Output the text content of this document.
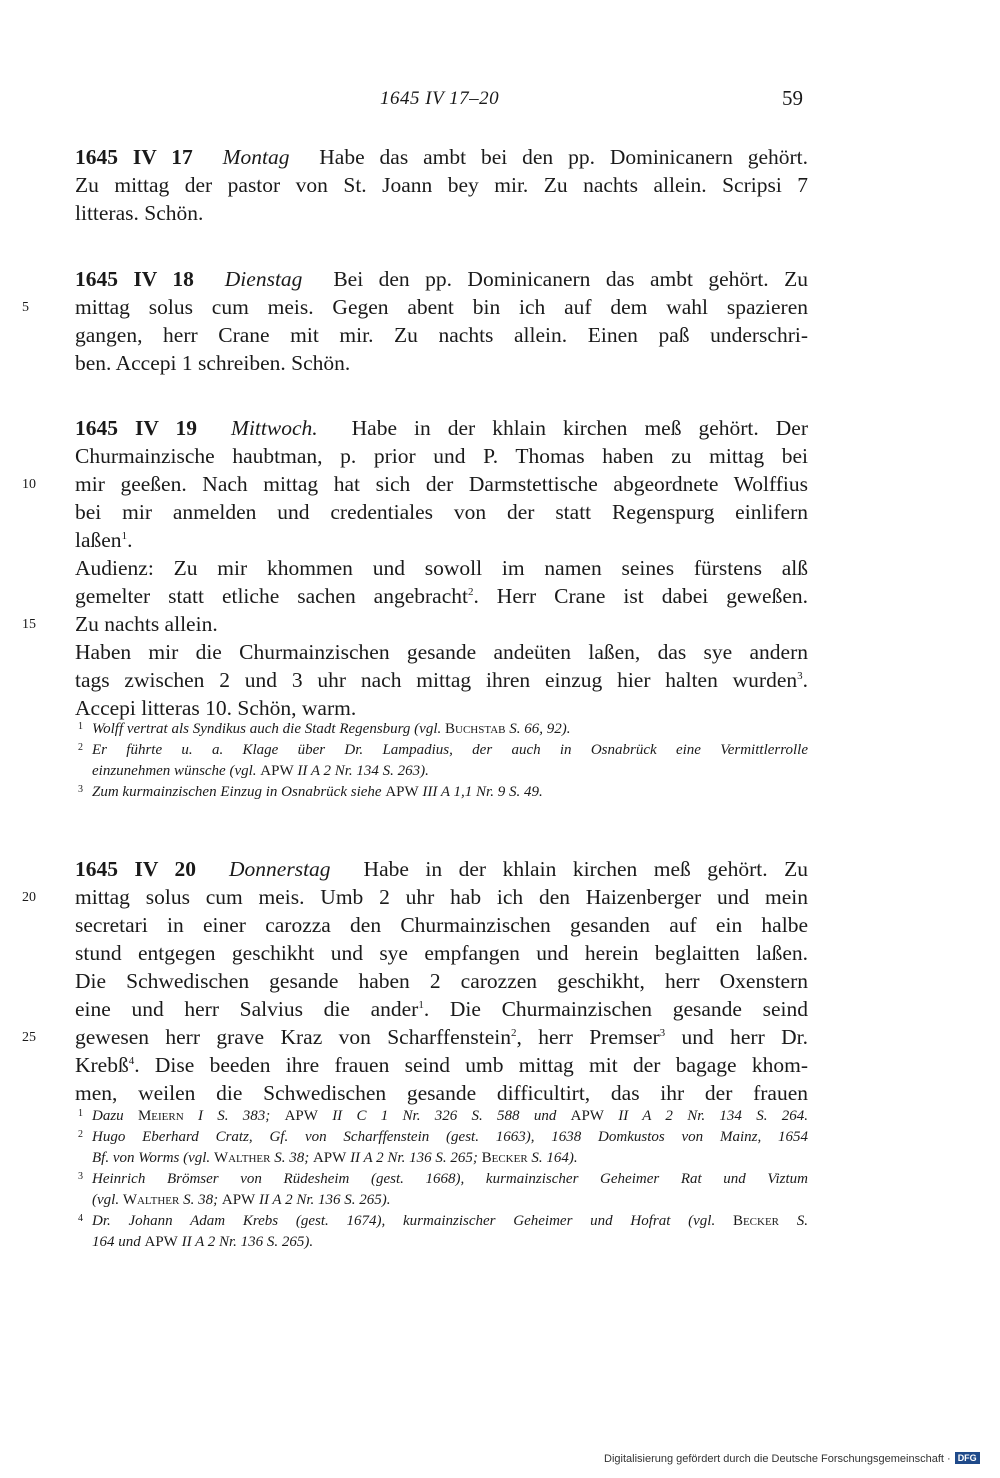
1645 IV 17–20	59
1645 IV 17 Montag Habe das ambt bei den pp. Dominicanern gehört.
Zu mittag der pastor von St. Joann bey mir. Zu nachts allein. Scripsi 7
litteras. Schön.
1645 IV 18 Dienstag Bei den pp. Dominicanern das ambt gehört. Zu
5	mittag solus cum meis. Gegen abent bin ich auf dem wahl spazieren
gangen, herr Crane mit mir. Zu nachts allein. Einen paß underschri-
ben. Accepi 1 schreiben. Schön.
1645 IV 19 Mittwoch. Habe in der khlain kirchen meß gehört. Der
Churmainzische haubtman, p. prior und P. Thomas haben zu mittag bei
10	mir geeßen. Nach mittag hat sich der Darmstettische abgeordnete Wolffius
bei mir anmelden und credentiales von der statt Regenspurg einlifern
laßen$^1$.
Audienz: Zu mir khommen und sowoll im namen seines fürstens alß
gemelter statt etliche sachen angebracht$^2$. Herr Crane ist dabei geweßen.
15	Zu nachts allein.
Haben mir die Churmainzischen gesande andeüten laßen, das sye andern
tags zwischen 2 und 3 uhr nach mittag ihren einzug hier halten wurden$^3$.
Accepi litteras 10. Schön, warm.
1 Wolff vertrat als Syndikus auch die Stadt Regensburg (vgl. Buchstab S. 66, 92).
2 Er führte u. a. Klage über Dr. Lampadius, der auch in Osnabrück eine Vermittlerrolle
einzunehmen wünsche (vgl. APW II A 2 Nr. 134 S. 263).
3 Zum kurmainzischen Einzug in Osnabrück siehe APW III A 1,1 Nr. 9 S. 49.
1645 IV 20 Donnerstag Habe in der khlain kirchen meß gehört. Zu
20	mittag solus cum meis. Umb 2 uhr hab ich den Haizenberger und mein
secretari in einer carozza den Churmainzischen gesanden auf ein halbe
stund entgegen geschikht und sye empfangen und herein beglaitten laßen.
Die Schwedischen gesande haben 2 carozzen geschikht, herr Oxenstern
eine und herr Salvius die ander$^1$. Die Churmainzischen gesande seind
25	gewesen herr grave Kraz von Scharffenstein$^2$, herr Premser$^3$ und herr Dr.
Krebß$^4$. Dise beeden ihre frauen seind umb mittag mit der bagage khom-
men, weilen die Schwedischen gesande difficultirt, das ihr der frauen
1 Dazu Meiern I S. 383; APW II C 1 Nr. 326 S. 588 und APW II A 2 Nr. 134 S. 264.
2 Hugo Eberhard Cratz, Gf. von Scharffenstein (gest. 1663), 1638 Domkustos von Mainz, 1654
Bf. von Worms (vgl. Walther S. 38; APW II A 2 Nr. 136 S. 265; Becker S. 164).
3 Heinrich Brömser von Rüdesheim (gest. 1668), kurmainzischer Geheimer Rat und Viztum
(vgl. Walther S. 38; APW II A 2 Nr. 136 S. 265).
4 Dr. Johann Adam Krebs (gest. 1674), kurmainzischer Geheimer und Hofrat (vgl. Becker S.
164 und APW II A 2 Nr. 136 S. 265).
Digitalisierung gefördert durch die Deutsche Forschungsgemeinschaft · DFG
